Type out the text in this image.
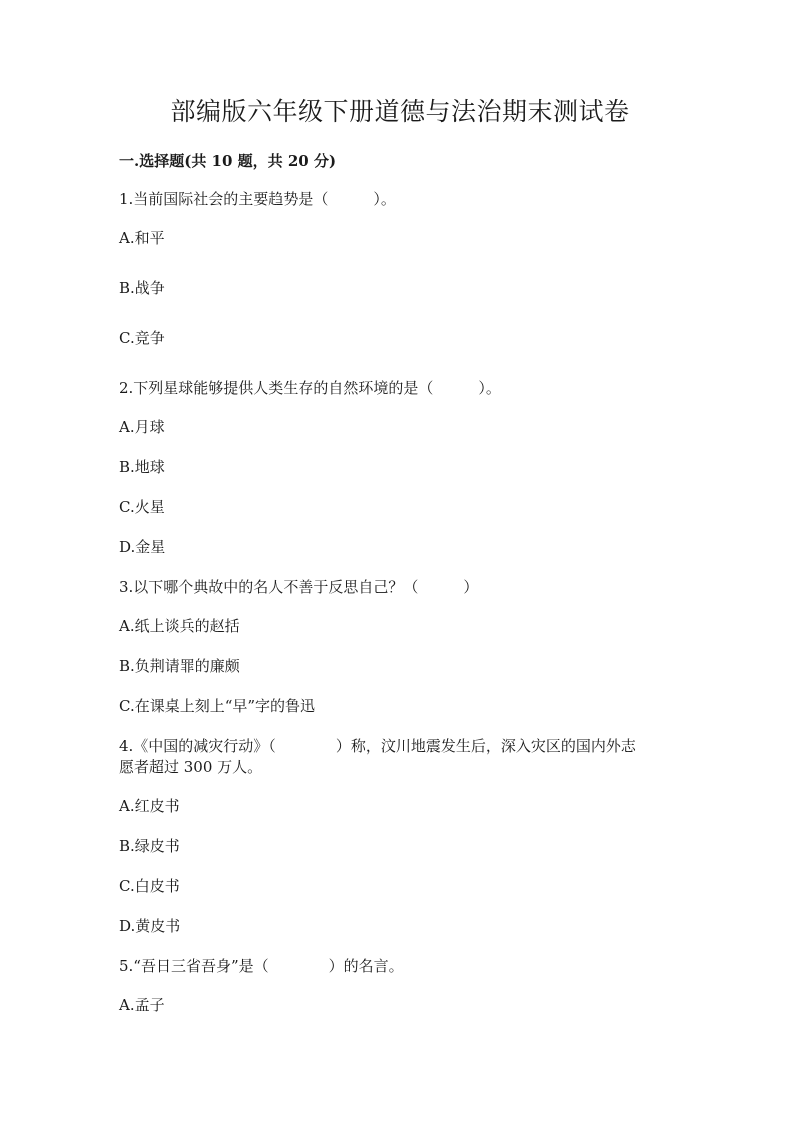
部编版六年级下册道德与法治期末测试卷
一.选择题(共 10 题，共 20 分)
1.当前国际社会的主要趋势是（　　　）。
A.和平
B.战争
C.竞争
2.下列星球能够提供人类生存的自然环境的是（　　　）。
A.月球
B.地球
C.火星
D.金星
3.以下哪个典故中的名人不善于反思自己？（　　　）
A.纸上谈兵的赵括
B.负荆请罪的廉颇
C.在课桌上刻上“早”字的鲁迅
4.《中国的减灾行动》（　　　　）称，汶川地震发生后，深入灾区的国内外志
愿者超过 300 万人。
A.红皮书
B.绿皮书
C.白皮书
D.黄皮书
5.“吾日三省吾身”是（　　　　）的名言。
A.孟子
